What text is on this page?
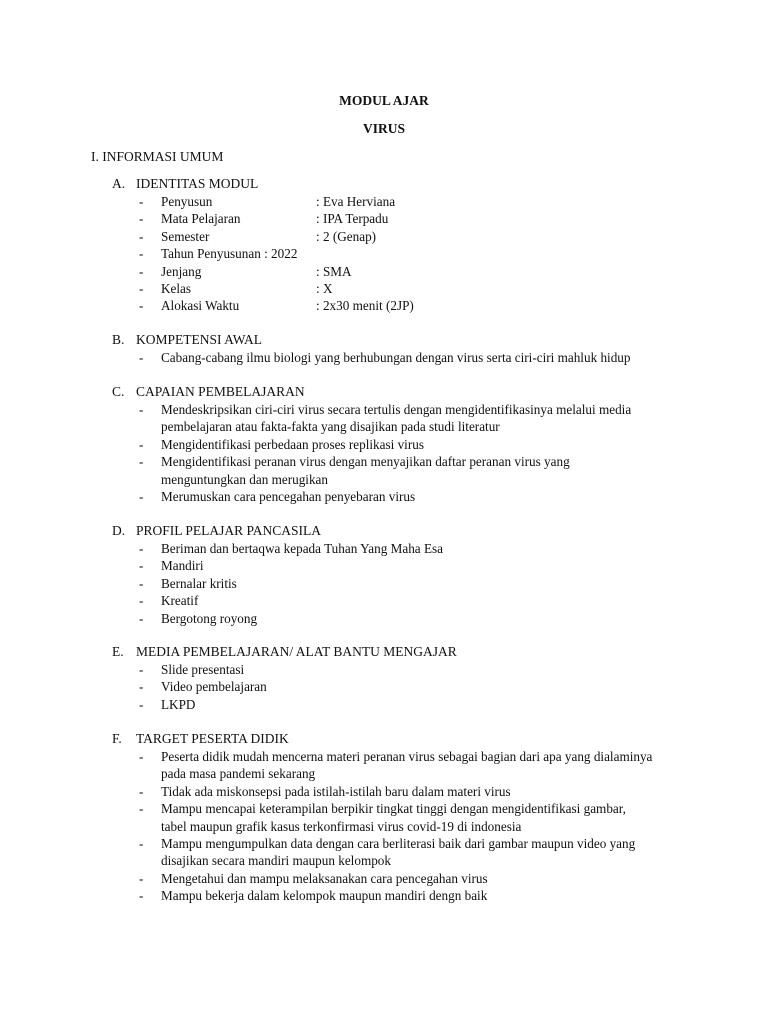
MODUL AJAR
VIRUS
I. INFORMASI UMUM
A. IDENTITAS MODUL
-	Penyusun	: Eva Herviana
-	Mata Pelajaran	: IPA Terpadu
-	Semester	: 2 (Genap)
-	Tahun Penyusunan : 2022
-	Jenjang	: SMA
-	Kelas	: X
-	Alokasi Waktu	: 2x30 menit (2JP)
B. KOMPETENSI AWAL
-	Cabang-cabang ilmu biologi yang berhubungan dengan virus serta ciri-ciri mahluk hidup
C. CAPAIAN PEMBELAJARAN
-	Mendeskripsikan ciri-ciri virus secara tertulis dengan mengidentifikasinya melalui media
pembelajaran atau fakta-fakta yang disajikan pada studi literatur
-	Mengidentifikasi perbedaan proses replikasi virus
-	Mengidentifikasi peranan virus dengan menyajikan daftar peranan virus yang
menguntungkan dan merugikan
-	Merumuskan cara pencegahan penyebaran virus
D. PROFIL PELAJAR PANCASILA
-	Beriman dan bertaqwa kepada Tuhan Yang Maha Esa
-	Mandiri
-	Bernalar kritis
-	Kreatif
-	Bergotong royong
E. MEDIA PEMBELAJARAN/ ALAT BANTU MENGAJAR
-	Slide presentasi
-	Video pembelajaran
-	LKPD
F. TARGET PESERTA DIDIK
-	Peserta didik mudah mencerna materi peranan virus sebagai bagian dari apa yang dialaminya
pada masa pandemi sekarang
-	Tidak ada miskonsepsi pada istilah-istilah baru dalam materi virus
-	Mampu mencapai keterampilan berpikir tingkat tinggi dengan mengidentifikasi gambar,
tabel maupun grafik kasus terkonfirmasi virus covid-19 di indonesia
-	Mampu mengumpulkan data dengan cara berliterasi baik dari gambar maupun video yang
disajikan secara mandiri maupun kelompok
-	Mengetahui dan mampu melaksanakan cara pencegahan virus
-	Mampu bekerja dalam kelompok maupun mandiri dengn baik
